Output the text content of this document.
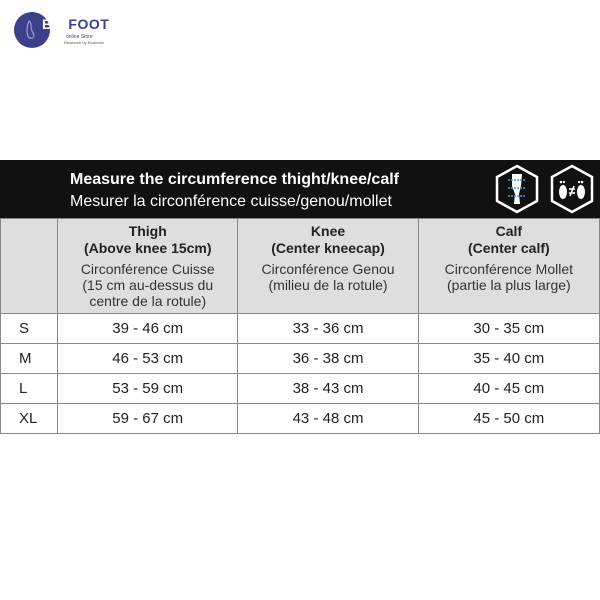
BIOFOOT
online Store
Research by Evidence
Measure the circumference thight/knee/calf
Mesurer la circonférence cuisse/genou/mollet

	Thigh
(Above knee 15cm)
Circonférence Cuisse
(15 cm au-dessus du
centre de la rotule)	Knee
(Center kneecap)
Circonférence Genou
(milieu de la rotule)	Calf
(Center calf)
Circonférence Mollet
(partie la plus large)

S	39 - 46 cm	33 - 36 cm	30 - 35 cm
M	46 - 53 cm	36 - 38 cm	35 - 40 cm
L	53 - 59 cm	38 - 43 cm	40 - 45 cm
XL	59 - 67 cm	43 - 48 cm	45 - 50 cm
